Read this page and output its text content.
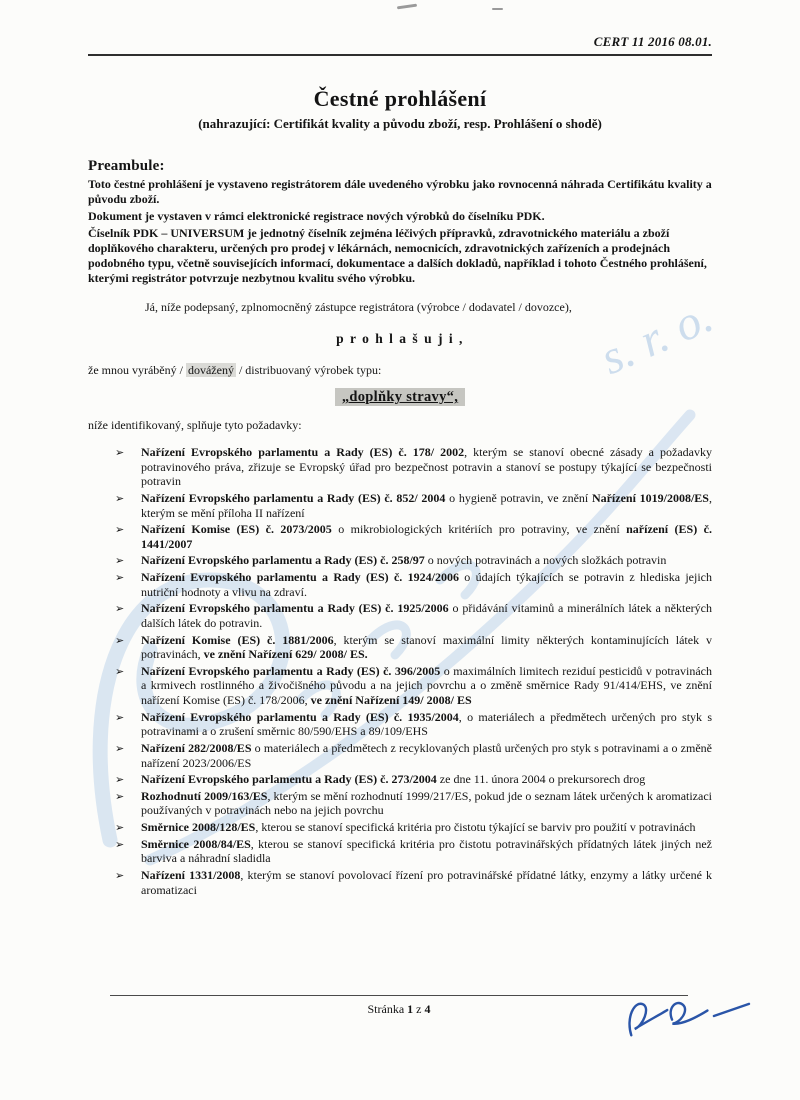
s. r. o.
CERT 11 2016 08.01.
Čestné prohlášení
(nahrazující: Certifikát kvality a původu zboží, resp. Prohlášení o shodě)
Preambule:

Toto čestné prohlášení je vystaveno registrátorem dále uvedeného výrobku jako rovnocenná náhrada Certifikátu kvality a původu zboží.

Dokument je vystaven v rámci elektronické registrace nových výrobků do číselníku PDK.

Číselník PDK – UNIVERSUM je jednotný číselník zejména léčivých přípravků, zdravotnického materiálu a zboží doplňkového charakteru, určených pro prodej v lékárnách, nemocnicích, zdravotnických zařízeních a prodejnách podobného typu, včetně souvisejících informací, dokumentace a dalších dokladů, například i tohoto Čestného prohlášení, kterými registrátor potvrzuje nezbytnou kvalitu svého výrobku.

Já, níže podepsaný, zplnomocněný zástupce registrátora (výrobce / dodavatel / dovozce),

p r o h l a š u j i ,

že mnou vyráběný / dovážený / distribuovaný výrobek typu:

„doplňky stravy“,

níže identifikovaný, splňuje tyto požadavky:

➢ Nařízení Evropského parlamentu a Rady (ES) č. 178/ 2002, kterým se stanoví obecné zásady a požadavky potravinového práva, zřizuje se Evropský úřad pro bezpečnost potravin a stanoví se postupy týkající se bezpečnosti potravin
➢ Nařízení Evropského parlamentu a Rady (ES) č. 852/ 2004 o hygieně potravin, ve znění Nařízení 1019/2008/ES, kterým se mění příloha II nařízení
➢ Nařízení Komise (ES) č. 2073/2005 o mikrobiologických kritériích pro potraviny, ve znění nařízení (ES) č. 1441/2007
➢ Nařízení Evropského parlamentu a Rady (ES) č. 258/97 o nových potravinách a nových složkách potravin
➢ Nařízení Evropského parlamentu a Rady (ES) č. 1924/2006 o údajích týkajících se potravin z hlediska jejich nutriční hodnoty a vlivu na zdraví.
➢ Nařízení Evropského parlamentu a Rady (ES) č. 1925/2006 o přidávání vitaminů a minerálních látek a některých dalších látek do potravin.
➢ Nařízení Komise (ES) č. 1881/2006, kterým se stanoví maximální limity některých kontaminujících látek v potravinách, ve znění Nařízení 629/ 2008/ ES.
➢ Nařízení Evropského parlamentu a Rady (ES) č. 396/2005 o maximálních limitech reziduí pesticidů v potravinách a krmivech rostlinného a živočišného původu a na jejich povrchu a o změně směrnice Rady 91/414/EHS, ve znění nařízení Komise (ES) č. 178/2006, ve znění Nařízení 149/ 2008/ ES
➢ Nařízení Evropského parlamentu a Rady (ES) č. 1935/2004, o materiálech a předmětech určených pro styk s potravinami a o zrušení směrnic 80/590/EHS a 89/109/EHS
➢ Nařízení 282/2008/ES o materiálech a předmětech z recyklovaných plastů určených pro styk s potravinami a o změně nařízení 2023/2006/ES
➢ Nařízení Evropského parlamentu a Rady (ES) č. 273/2004 ze dne 11. února 2004 o prekursorech drog
➢ Rozhodnutí 2009/163/ES, kterým se mění rozhodnutí 1999/217/ES, pokud jde o seznam látek určených k aromatizaci používaných v potravinách nebo na jejich povrchu
➢ Směrnice 2008/128/ES, kterou se stanoví specifická kritéria pro čistotu týkající se barviv pro použití v potravinách
➢ Směrnice 2008/84/ES, kterou se stanoví specifická kritéria pro čistotu potravinářských přídatných látek jiných než barviva a náhradní sladidla
➢ Nařízení 1331/2008, kterým se stanoví povolovací řízení pro potravinářské přídatné látky, enzymy a látky určené k aromatizaci
Stránka 1 z 4
